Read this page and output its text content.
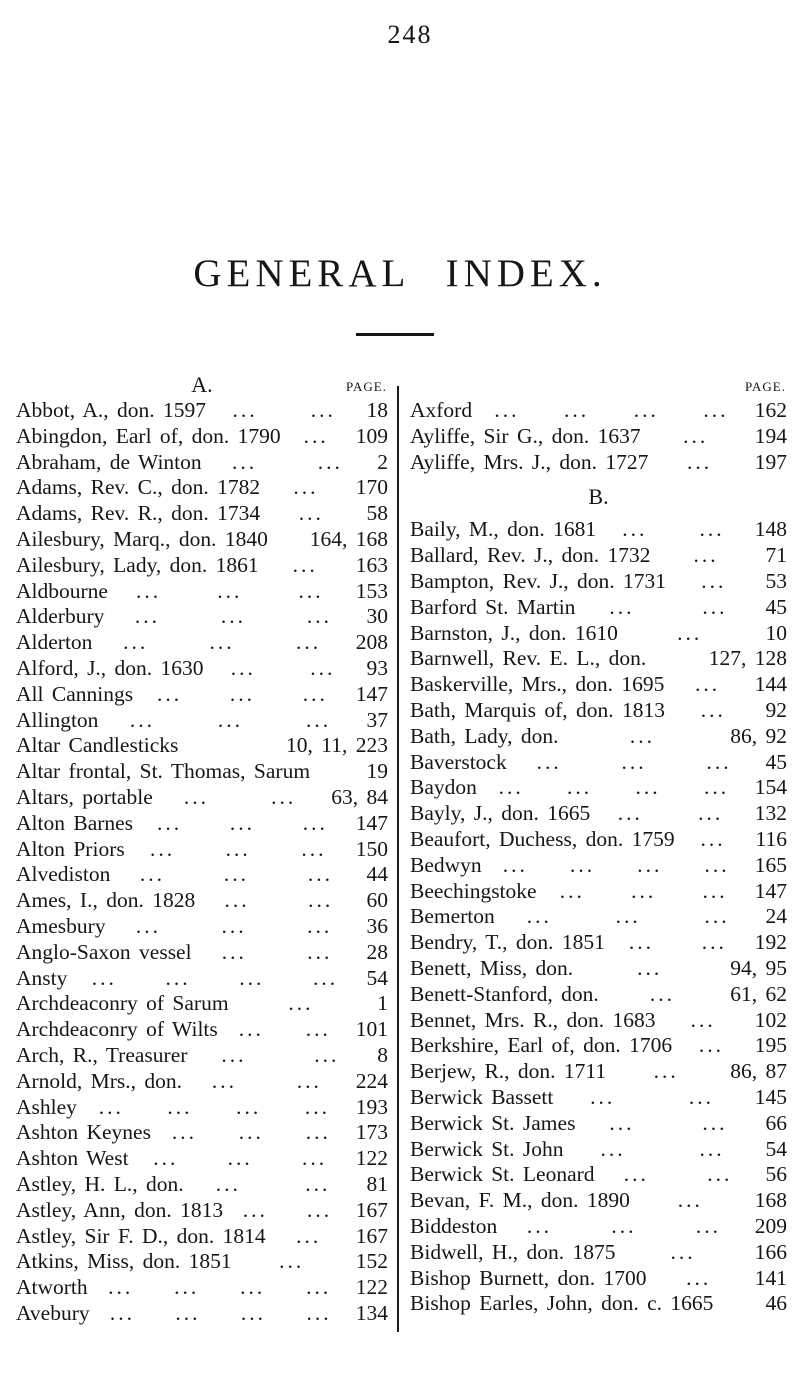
248
GENERAL INDEX.
A.	PAGE.
Abbot, A., don. 1597	...	...	18
Abingdon, Earl of, don. 1790	...	109
Abraham, de Winton	...	...	2
Adams, Rev. C., don. 1782	...	170
Adams, Rev. R., don. 1734	...	58
Ailesbury, Marq., don. 1840 164, 168
Ailesbury, Lady, don. 1861	...	163
Aldbourne	...	...	...	153
Alderbury	...	...	...	30
Alderton	...	...	...	208
Alford, J., don. 1630	...	...	93
All Cannings	...	...	...	147
Allington	...	...	...	37
Altar Candlesticks	10, 11, 223
Altar frontal, St. Thomas, Sarum	19
Altars, portable	...	...	63, 84
Alton Barnes	...	...	...	147
Alton Priors	...	...	...	150
Alvediston	...	...	...	44
Ames, I., don. 1828	...	...	60
Amesbury	...	...	...	36
Anglo-Saxon vessel	...	...	28
Ansty	...	...	...	...	54
Archdeaconry of Sarum	...	1
Archdeaconry of Wilts ...	...	101
Arch, R., Treasurer	...	...	8
Arnold, Mrs., don.	...	...	224
Ashley	...	...	...	...	193
Ashton Keynes ...	...	...	173
Ashton West	...	...	...	122
Astley, H. L., don.	...	...	81
Astley, Ann, don. 1813 ...	...	167
Astley, Sir F. D., don. 1814	...	167
Atkins, Miss, don. 1851	...	152
Atworth ...	...	...	...	122
Avebury ...	...	...	...	134
PAGE.
Axford	...	...	...	...	162
Ayliffe, Sir G., don. 1637	...	194
Ayliffe, Mrs. J., don. 1727	...	197
B.
Baily, M., don. 1681	...	...	148
Ballard, Rev. J., don. 1732	...	71
Bampton, Rev. J., don. 1731	...	53
Barford St. Martin	...	...	45
Barnston, J., don. 1610	...	10
Barnwell, Rev. E. L., don.	127, 128
Baskerville, Mrs., don. 1695	...	144
Bath, Marquis of, don. 1813	...	92
Bath, Lady, don.	...	86, 92
Baverstock	...	...	...	45
Baydon	...	...	...	...	154
Bayly, J., don. 1665	...	...	132
Beaufort, Duchess, don. 1759	...	116
Bedwyn ...	...	...	...	165
Beechingstoke	...	...	...	147
Bemerton	...	...	...	24
Bendry, T., don. 1851	...	...	192
Benett, Miss, don.	...	94, 95
Benett-Stanford, don.	...	61, 62
Bennet, Mrs. R., don. 1683	...	102
Berkshire, Earl of, don. 1706	...	195
Berjew, R., don. 1711	...	86, 87
Berwick Bassett	...	...	145
Berwick St. James	...	...	66
Berwick St. John	...	...	54
Berwick St. Leonard	...	...	56
Bevan, F. M., don. 1890	...	168
Biddeston	...	...	...	209
Bidwell, H., don. 1875	...	166
Bishop Burnett, don. 1700	...	141
Bishop Earles, John, don. c. 1665 46
